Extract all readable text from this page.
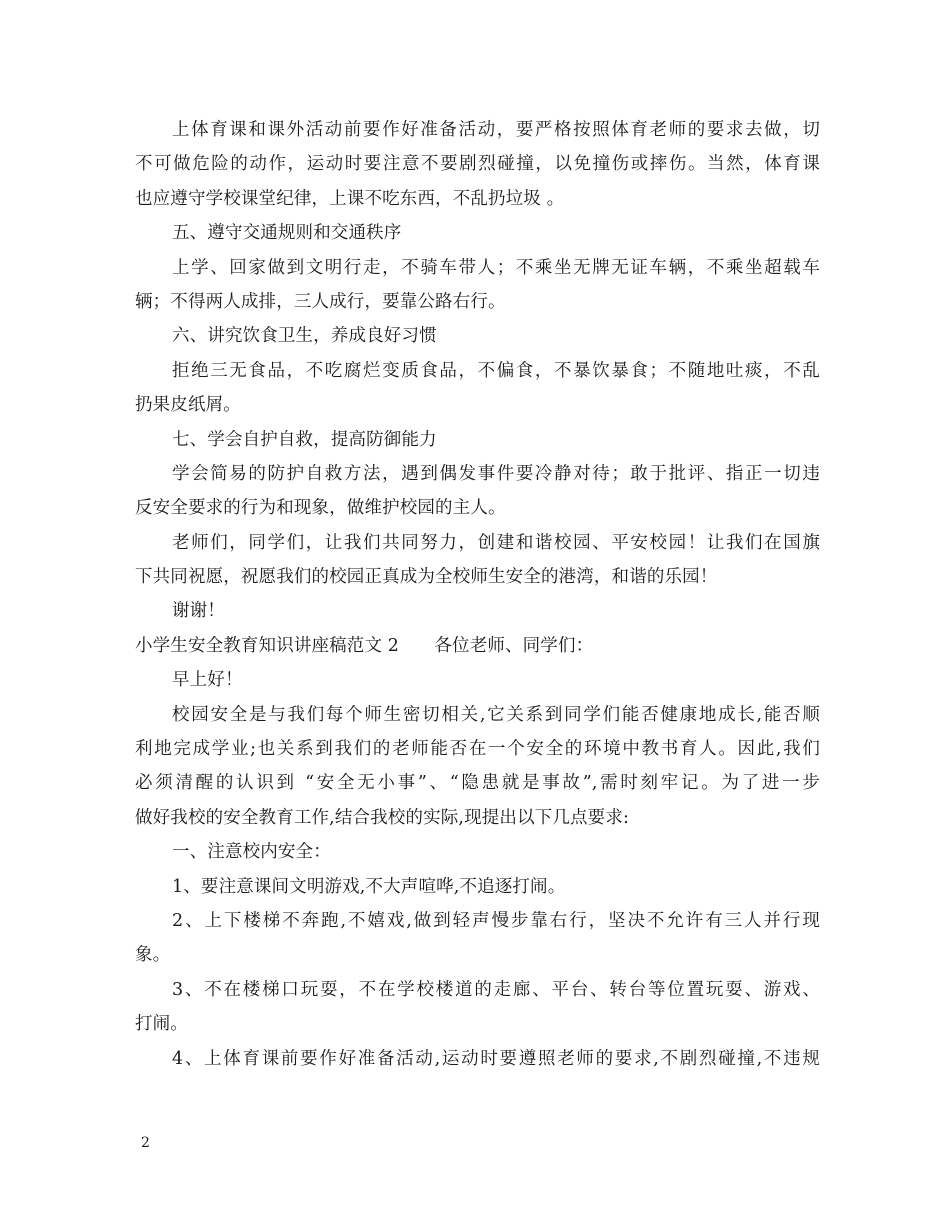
上体育课和课外活动前要作好准备活动，要严格按照体育老师的要求去做，切
不可做危险的动作，运动时要注意不要剧烈碰撞，以免撞伤或摔伤。当然，体育课
也应遵守学校课堂纪律，上课不吃东西，不乱扔垃圾 。
五、遵守交通规则和交通秩序
上学、回家做到文明行走，不骑车带人；不乘坐无牌无证车辆，不乘坐超载车
辆；不得两人成排，三人成行，要靠公路右行。
六、讲究饮食卫生，养成良好习惯
拒绝三无食品，不吃腐烂变质食品，不偏食，不暴饮暴食；不随地吐痰，不乱
扔果皮纸屑。
七、学会自护自救，提高防御能力
学会简易的防护自救方法，遇到偶发事件要冷静对待；敢于批评、指正一切违
反安全要求的行为和现象，做维护校园的主人。
老师们，同学们，让我们共同努力，创建和谐校园、平安校园！让我们在国旗
下共同祝愿，祝愿我们的校园正真成为全校师生安全的港湾，和谐的乐园！
谢谢！
小学生安全教育知识讲座稿范文 2　　各位老师、同学们：
早上好！
校园安全是与我们每个师生密切相关,它关系到同学们能否健康地成长,能否顺
利地完成学业;也关系到我们的老师能否在一个安全的环境中教书育人。因此,我们
必须清醒的认识到 “安全无小事”、“隐患就是事故”,需时刻牢记。为了进一步
做好我校的安全教育工作,结合我校的实际,现提出以下几点要求:
一、注意校内安全：
1、要注意课间文明游戏,不大声喧哗,不追逐打闹。
2、上下楼梯不奔跑,不嬉戏,做到轻声慢步靠右行，坚决不允许有三人并行现
象。
3、不在楼梯口玩耍，不在学校楼道的走廊、平台、转台等位置玩耍、游戏、
打闹。
4、上体育课前要作好准备活动,运动时要遵照老师的要求,不剧烈碰撞,不违规
2
